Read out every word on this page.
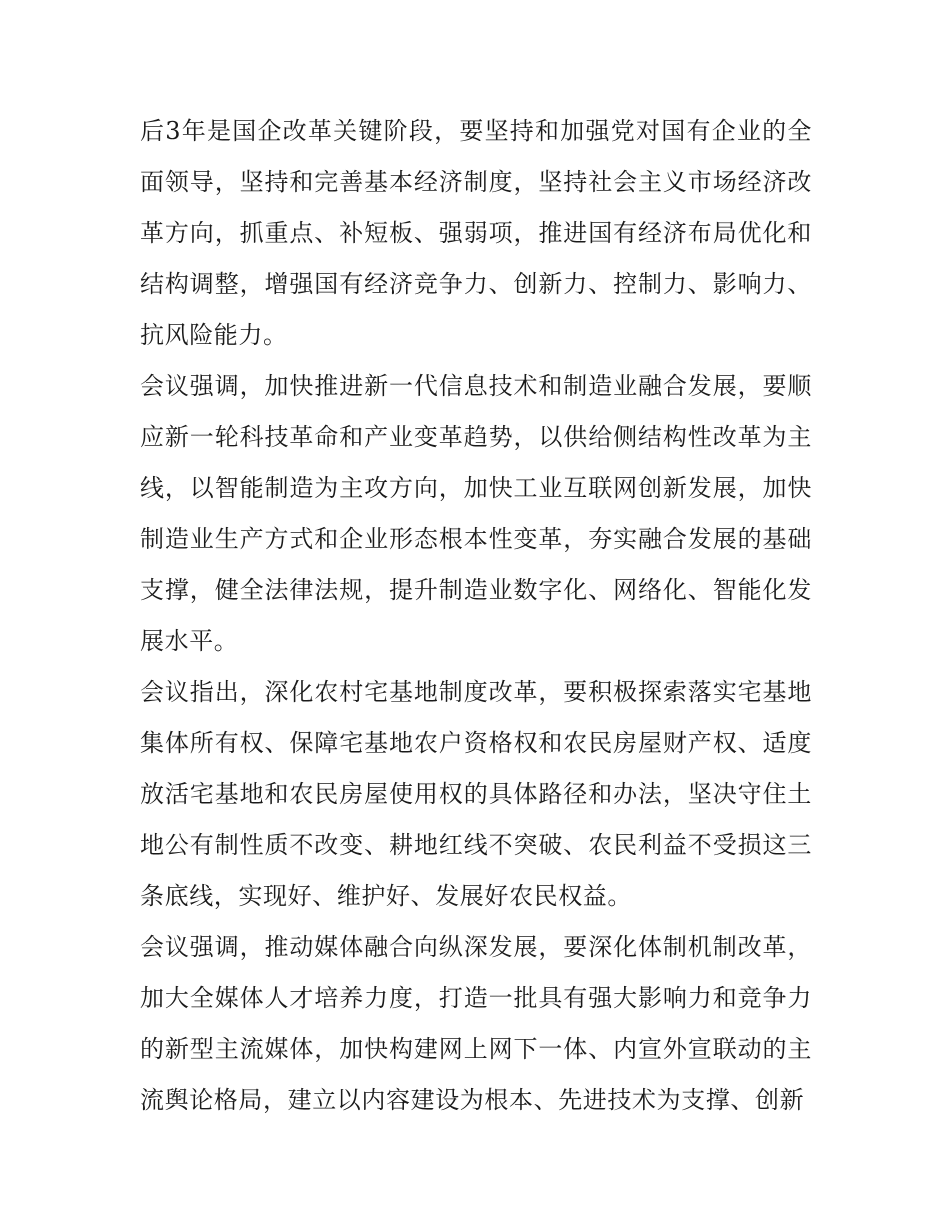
后3年是国企改革关键阶段，要坚持和加强党对国有企业的全面领导，坚持和完善基本经济制度，坚持社会主义市场经济改革方向，抓重点、补短板、强弱项，推进国有经济布局优化和结构调整，增强国有经济竞争力、创新力、控制力、影响力、抗风险能力。

会议强调，加快推进新一代信息技术和制造业融合发展，要顺应新一轮科技革命和产业变革趋势，以供给侧结构性改革为主线，以智能制造为主攻方向，加快工业互联网创新发展，加快制造业生产方式和企业形态根本性变革，夯实融合发展的基础支撑，健全法律法规，提升制造业数字化、网络化、智能化发展水平。

会议指出，深化农村宅基地制度改革，要积极探索落实宅基地集体所有权、保障宅基地农户资格权和农民房屋财产权、适度放活宅基地和农民房屋使用权的具体路径和办法，坚决守住土地公有制性质不改变、耕地红线不突破、农民利益不受损这三条底线，实现好、维护好、发展好农民权益。

会议强调，推动媒体融合向纵深发展，要深化体制机制改革，加大全媒体人才培养力度，打造一批具有强大影响力和竞争力的新型主流媒体，加快构建网上网下一体、内宣外宣联动的主流舆论格局，建立以内容建设为根本、先进技术为支撑、创新
